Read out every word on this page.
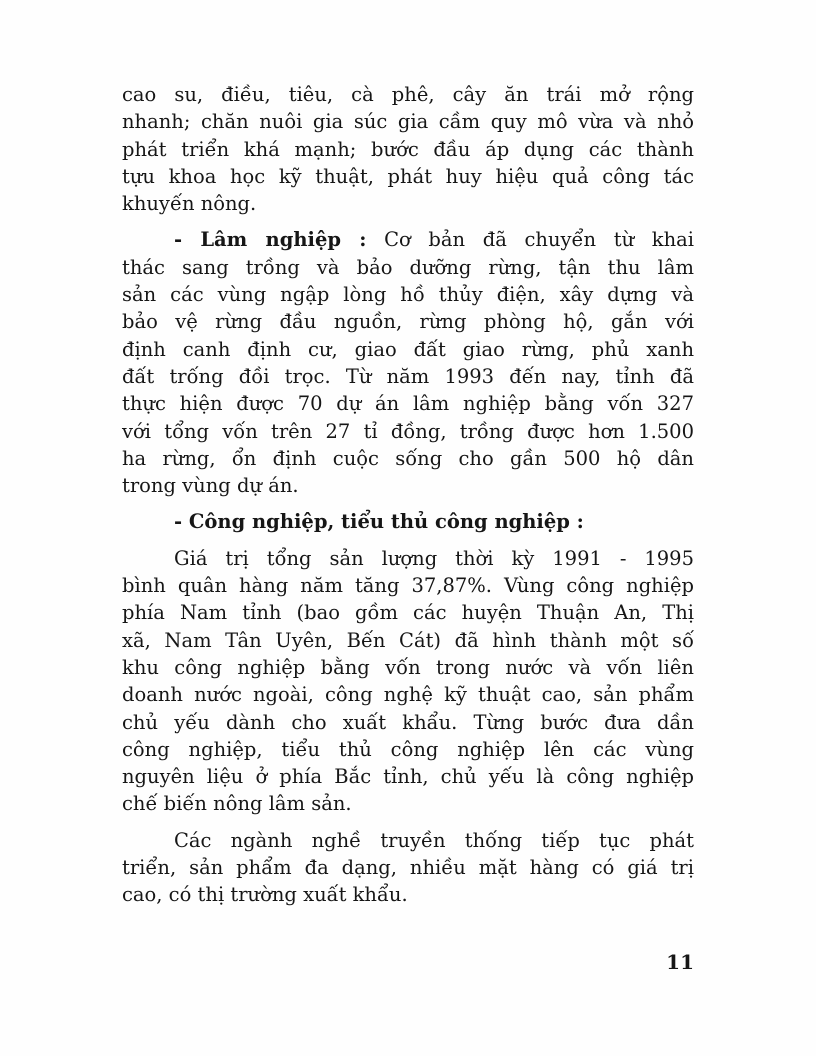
cao su, điều, tiêu, cà phê, cây ăn trái mở rộng
nhanh; chăn nuôi gia súc gia cầm quy mô vừa và nhỏ
phát triển khá mạnh; bước đầu áp dụng các thành
tựu khoa học kỹ thuật, phát huy hiệu quả công tác
khuyến nông.
- Lâm nghiệp : Cơ bản đã chuyển từ khai
thác sang trồng và bảo dưỡng rừng, tận thu lâm
sản các vùng ngập lòng hồ thủy điện, xây dựng và
bảo vệ rừng đầu nguồn, rừng phòng hộ, gắn với
định canh định cư, giao đất giao rừng, phủ xanh
đất trống đồi trọc. Từ năm 1993 đến nay, tỉnh đã
thực hiện được 70 dự án lâm nghiệp bằng vốn 327
với tổng vốn trên 27 tỉ đồng, trồng được hơn 1.500
ha rừng, ổn định cuộc sống cho gần 500 hộ dân
trong vùng dự án.
- Công nghiệp, tiểu thủ công nghiệp :
Giá trị tổng sản lượng thời kỳ 1991 - 1995
bình quân hàng năm tăng 37,87%. Vùng công nghiệp
phía Nam tỉnh (bao gồm các huyện Thuận An, Thị
xã, Nam Tân Uyên, Bến Cát) đã hình thành một số
khu công nghiệp bằng vốn trong nước và vốn liên
doanh nước ngoài, công nghệ kỹ thuật cao, sản phẩm
chủ yếu dành cho xuất khẩu. Từng bước đưa dần
công nghiệp, tiểu thủ công nghiệp lên các vùng
nguyên liệu ở phía Bắc tỉnh, chủ yếu là công nghiệp
chế biến nông lâm sản.
Các ngành nghề truyền thống tiếp tục phát
triển, sản phẩm đa dạng, nhiều mặt hàng có giá trị
cao, có thị trường xuất khẩu.
11
